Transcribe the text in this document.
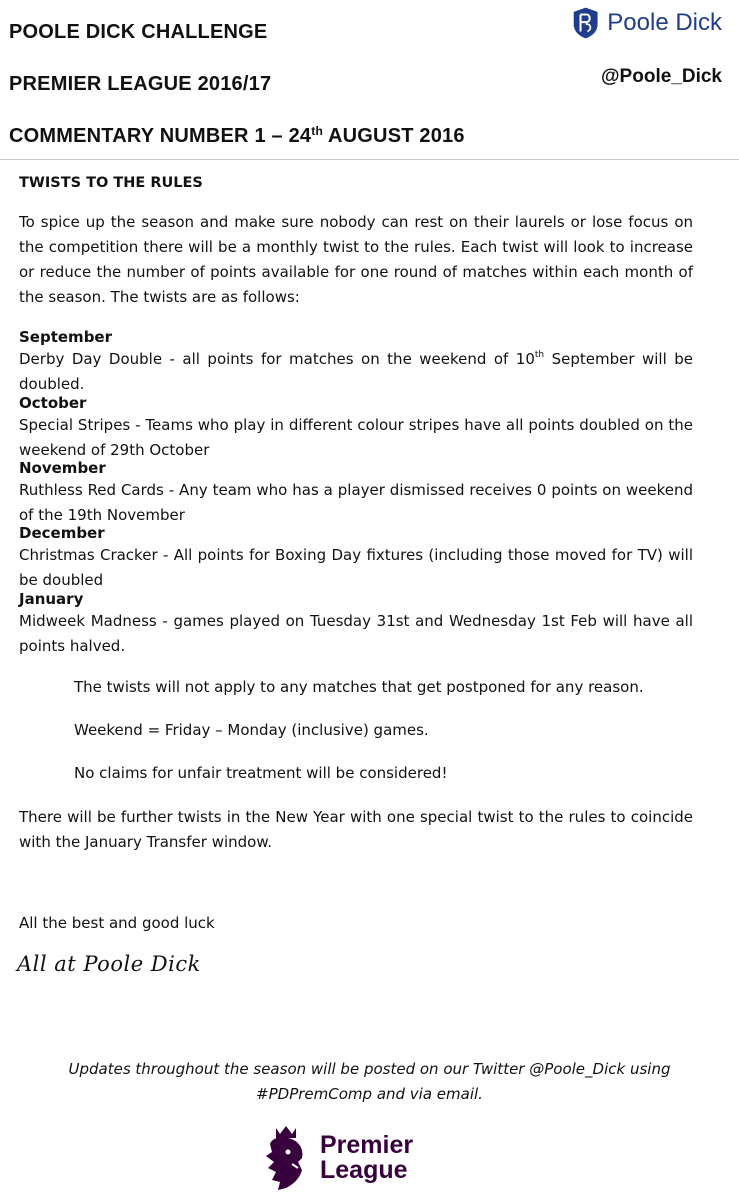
POOLE DICK CHALLENGE
PREMIER LEAGUE 2016/17
COMMENTARY NUMBER 1 – 24th AUGUST 2016
Poole Dick
@Poole_Dick
TWISTS TO THE RULES
To spice up the season and make sure nobody can rest on their laurels or lose focus on the competition there will be a monthly twist to the rules. Each twist will look to increase or reduce the number of points available for one round of matches within each month of the season. The twists are as follows:
September
Derby Day Double - all points for matches on the weekend of 10th September will be doubled.
October
Special Stripes - Teams who play in different colour stripes have all points doubled on the weekend of 29th October
November
Ruthless Red Cards - Any team who has a player dismissed receives 0 points on weekend of the 19th November
December
Christmas Cracker - All points for Boxing Day fixtures (including those moved for TV) will be doubled
January
Midweek Madness - games played on Tuesday 31st and Wednesday 1st Feb will have all points halved.
The twists will not apply to any matches that get postponed for any reason.
Weekend = Friday – Monday (inclusive) games.
No claims for unfair treatment will be considered!
There will be further twists in the New Year with one special twist to the rules to coincide with the January Transfer window.
All the best and good luck
All at Poole Dick
Updates throughout the season will be posted on our Twitter @Poole_Dick using
#PDPremComp and via email.
Premier
League
